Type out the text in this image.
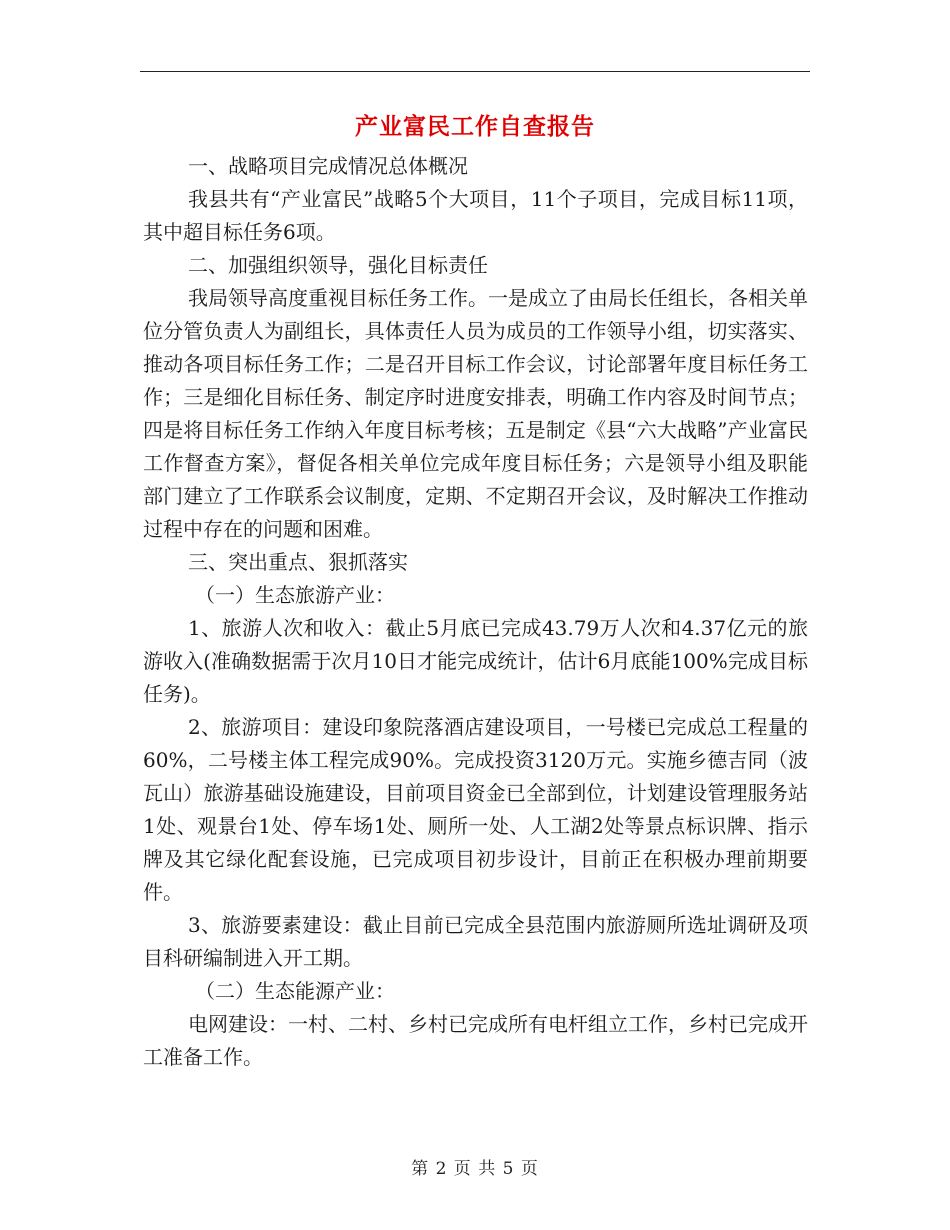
产业富民工作自查报告

一、战略项目完成情况总体概况

我县共有“产业富民”战略5个大项目，11个子项目，完成目标11项，其中超目标任务6项。

二、加强组织领导，强化目标责任

我局领导高度重视目标任务工作。一是成立了由局长任组长，各相关单位分管负责人为副组长，具体责任人员为成员的工作领导小组，切实落实、推动各项目标任务工作；二是召开目标工作会议，讨论部署年度目标任务工作；三是细化目标任务、制定序时进度安排表，明确工作内容及时间节点；四是将目标任务工作纳入年度目标考核；五是制定《县“六大战略”产业富民工作督查方案》，督促各相关单位完成年度目标任务；六是领导小组及职能部门建立了工作联系会议制度，定期、不定期召开会议，及时解决工作推动过程中存在的问题和困难。

三、突出重点、狠抓落实

（一）生态旅游产业：

1、旅游人次和收入：截止5月底已完成43.79万人次和4.37亿元的旅游收入(准确数据需于次月10日才能完成统计，估计6月底能100%完成目标任务)。

2、旅游项目：建设印象院落酒店建设项目，一号楼已完成总工程量的60%，二号楼主体工程完成90%。完成投资3120万元。实施乡德吉同（波瓦山）旅游基础设施建设，目前项目资金已全部到位，计划建设管理服务站1处、观景台1处、停车场1处、厕所一处、人工湖2处等景点标识牌、指示牌及其它绿化配套设施，已完成项目初步设计，目前正在积极办理前期要件。

3、旅游要素建设：截止目前已完成全县范围内旅游厕所选址调研及项目科研编制进入开工期。

（二）生态能源产业：

电网建设：一村、二村、乡村已完成所有电杆组立工作，乡村已完成开工准备工作。

第 2 页 共 5 页
